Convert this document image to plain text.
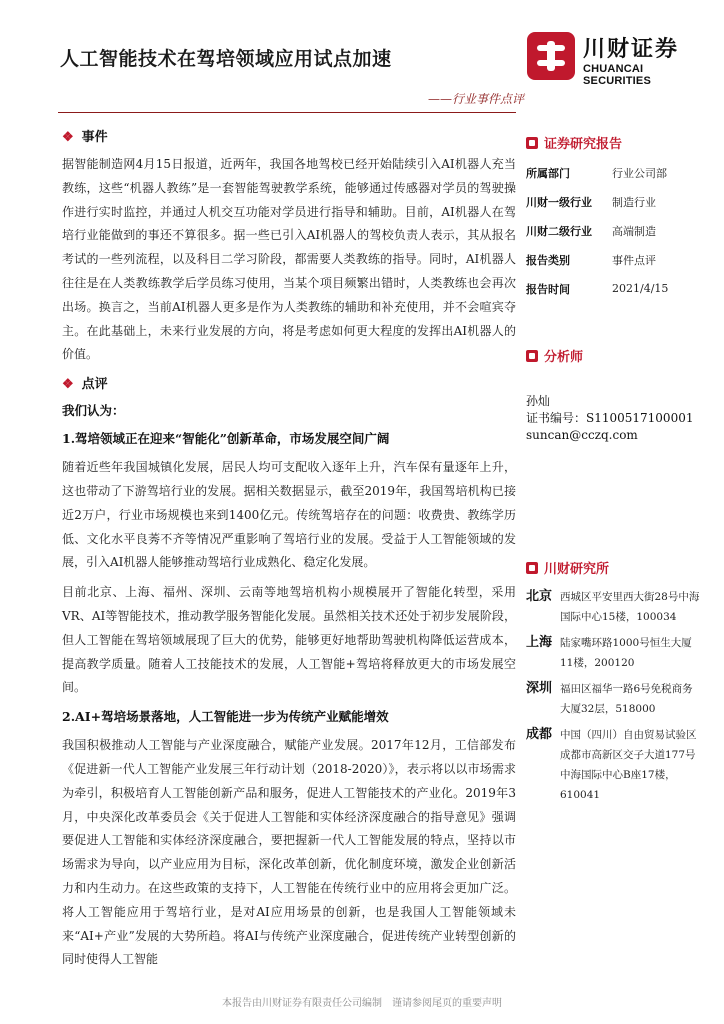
人工智能技术在驾培领域应用试点加速
——行业事件点评
川财证券
CHUANCAI SECURITIES
❖ 事件

据智能制造网4月15日报道，近两年，我国各地驾校已经开始陆续引入AI机器人充当教练，这些“机器人教练”是一套智能驾驶教学系统，能够通过传感器对学员的驾驶操作进行实时监控，并通过人机交互功能对学员进行指导和辅助。目前，AI机器人在驾培行业能做到的事还不算很多。据一些已引入AI机器人的驾校负责人表示，其从报名考试的一些列流程，以及科目二学习阶段，都需要人类教练的指导。同时，AI机器人往往是在人类教练教学后学员练习使用，当某个项目频繁出错时，人类教练也会再次出场。换言之，当前AI机器人更多是作为人类教练的辅助和补充使用，并不会喧宾夺主。在此基础上，未来行业发展的方向，将是考虑如何更大程度的发挥出AI机器人的价值。

❖ 点评
我们认为：
1.驾培领域正在迎来“智能化”创新革命，市场发展空间广阔

随着近些年我国城镇化发展，居民人均可支配收入逐年上升，汽车保有量逐年上升，这也带动了下游驾培行业的发展。据相关数据显示，截至2019年，我国驾培机构已接近2万户，行业市场规模也来到1400亿元。传统驾培存在的问题：收费贵、教练学历低、文化水平良莠不齐等情况严重影响了驾培行业的发展。受益于人工智能领域的发展，引入AI机器人能够推动驾培行业成熟化、稳定化发展。

目前北京、上海、福州、深圳、云南等地驾培机构小规模展开了智能化转型，采用VR、AI等智能技术，推动教学服务智能化发展。虽然相关技术还处于初步发展阶段，但人工智能在驾培领域展现了巨大的优势，能够更好地帮助驾驶机构降低运营成本，提高教学质量。随着人工技能技术的发展，人工智能+驾培将释放更大的市场发展空间。

2.AI+驾培场景落地，人工智能进一步为传统产业赋能增效

我国积极推动人工智能与产业深度融合，赋能产业发展。2017年12月，工信部发布《促进新一代人工智能产业发展三年行动计划（2018-2020）》，表示将以以市场需求为牵引，积极培育人工智能创新产品和服务，促进人工智能技术的产业化。2019年3月，中央深化改革委员会《关于促进人工智能和实体经济深度融合的指导意见》强调要促进人工智能和实体经济深度融合，要把握新一代人工智能发展的特点，坚持以市场需求为导向，以产业应用为目标，深化改革创新，优化制度环境，激发企业创新活力和内生动力。在这些政策的支持下，人工智能在传统行业中的应用将会更加广泛。将人工智能应用于驾培行业，是对AI应用场景的创新，也是我国人工智能领域未来“AI+产业”发展的大势所趋。将AI与传统产业深度融合，促进传统产业转型创新的同时使得人工智能

证券研究报告
所属部门	行业公司部
川财一级行业	制造行业
川财二级行业	高端制造
报告类别	事件点评
报告时间	2021/4/15
分析师
孙灿
证书编号：S1100517100001
suncan@cczq.com
川财研究所
北京 西城区平安里西大街28号中海国际中心15楼，100034
上海 陆家嘴环路1000号恒生大厦11楼，200120
深圳 福田区福华一路6号免税商务大厦32层，518000
成都 中国（四川）自由贸易试验区成都市高新区交子大道177号中海国际中心B座17楼，610041
本报告由川财证券有限责任公司编制　谨请参阅尾页的重要声明
